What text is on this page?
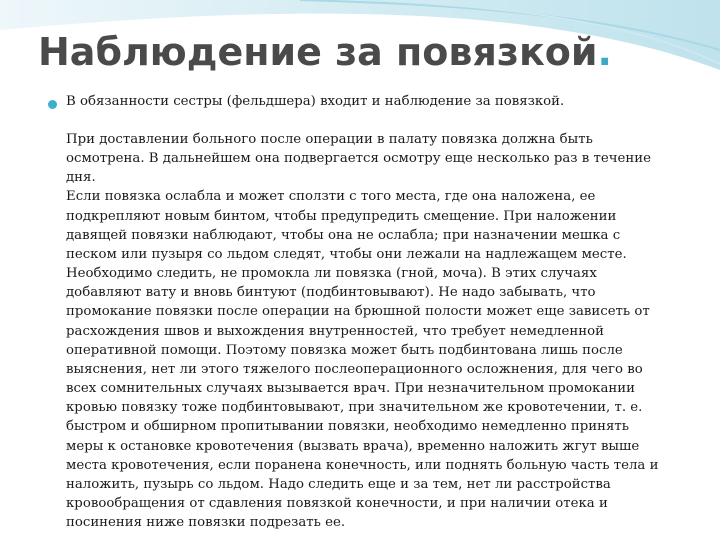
Наблюдение за повязкой.
В обязанности сестры (фельдшера) входит и наблюдение за повязкой.
При доставлении больного после операции в палату повязка должна быть
осмотрена. В дальнейшем она подвергается осмотру еще несколько раз в течение
дня.
Если повязка ослабла и может сползти с того места, где она наложена, ее
подкрепляют новым бинтом, чтобы предупредить смещение. При наложении
давящей повязки наблюдают, чтобы она не ослабла; при назначении мешка с
песком или пузыря со льдом следят, чтобы они лежали на надлежащем месте.
Необходимо следить, не промокла ли повязка (гной, моча). В этих случаях
добавляют вату и вновь бинтуют (подбинтовывают). Не надо забывать, что
промокание повязки после операции на брюшной полости может еще зависеть от
расхождения швов и выхождения внутренностей, что требует немедленной
оперативной помощи. Поэтому повязка может быть подбинтована лишь после
выяснения, нет ли этого тяжелого послеоперационного осложнения, для чего во
всех сомнительных случаях вызывается врач. При незначительном промокании
кровью повязку тоже подбинтовывают, при значительном же кровотечении, т. е.
быстром и обширном пропитывании повязки, необходимо немедленно принять
меры к остановке кровотечения (вызвать врача), временно наложить жгут выше
места кровотечения, если поранена конечность, или поднять больную часть тела и
наложить, пузырь со льдом. Надо следить еще и за тем, нет ли расстройства
кровообращения от сдавления повязкой конечности, и при наличии отека и
посинения ниже повязки подрезать ее.
